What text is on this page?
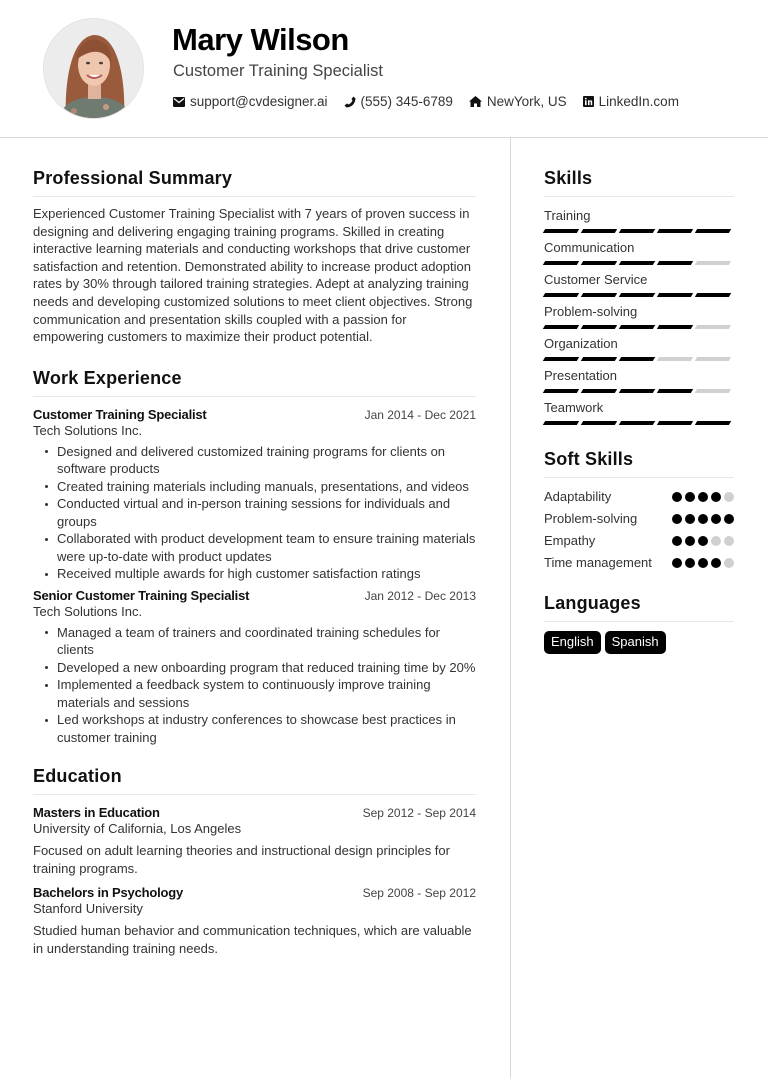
Mary Wilson
Customer Training Specialist
support@cvdesigner.ai (555) 345-6789	NewYork, US LinkedIn.com
Professional Summary
Experienced Customer Training Specialist with 7 years of proven success in designing and delivering engaging training programs. Skilled in creating interactive learning materials and conducting workshops that drive customer satisfaction and retention. Demonstrated ability to increase product adoption rates by 30% through tailored training strategies. Adept at analyzing training needs and developing customized solutions to meet client objectives. Strong communication and presentation skills coupled with a passion for empowering customers to maximize their product potential.
Work Experience
Customer Training Specialist	Jan 2014 - Dec 2021
Tech Solutions Inc.
Designed and delivered customized training programs for clients on software products
Created training materials including manuals, presentations, and videos
Conducted virtual and in-person training sessions for individuals and groups
Collaborated with product development team to ensure training materials were up-to-date with product updates
Received multiple awards for high customer satisfaction ratings
Senior Customer Training Specialist	Jan 2012 - Dec 2013
Tech Solutions Inc.
Managed a team of trainers and coordinated training schedules for clients
Developed a new onboarding program that reduced training time by 20%
Implemented a feedback system to continuously improve training materials and sessions
Led workshops at industry conferences to showcase best practices in customer training
Education
Masters in Education	Sep 2012 - Sep 2014
University of California, Los Angeles
Focused on adult learning theories and instructional design principles for training programs.
Bachelors in Psychology	Sep 2008 - Sep 2012
Stanford University
Studied human behavior and communication techniques, which are valuable in understanding training needs.
Skills
Training
Communication
Customer Service
Problem-solving
Organization
Presentation
Teamwork
Soft Skills
Adaptability
Problem-solving
Empathy
Time management
Languages
English	Spanish
